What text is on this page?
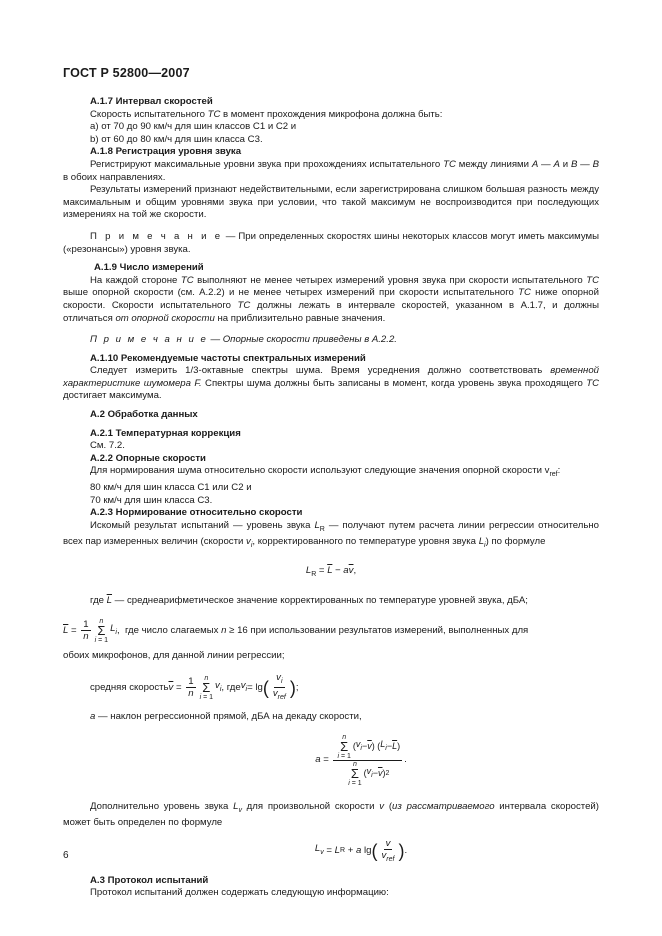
ГОСТ Р 52800—2007

А.1.7 Интервал скоростей

Скорость испытательного ТС в момент прохождения микрофона должна быть:

а) от 70 до 90 км/ч для шин классов С1 и С2 и

b) от 60 до 80 км/ч для шин класса С3.

А.1.8 Регистрация уровня звука

Регистрируют максимальные уровни звука при прохождениях испытательного ТС между линиями А — А и В — В в обоих направлениях.

Результаты измерений признают недействительными, если зарегистрирована слишком большая разность между максимальным и общим уровнями звука при условии, что такой максимум не воспроизводится при последующих измерениях на той же скорости.

П р и м е ч а н и е — При определенных скоростях шины некоторых классов могут иметь максимумы («резонансы») уровня звука.

А.1.9 Число измерений

На каждой стороне ТС выполняют не менее четырех измерений уровня звука при скорости испытательного ТС выше опорной скорости (см. А.2.2) и не менее четырех измерений при скорости испытательного ТС ниже опорной скорости. Скорости испытательного ТС должны лежать в интервале скоростей, указанном в А.1.7, и должны отличаться от опорной скорости на приблизительно равные значения.

П р и м е ч а н и е — Опорные скорости приведены в А.2.2.

А.1.10 Рекомендуемые частоты спектральных измерений

Следует измерить 1/3-октавные спектры шума. Время усреднения должно соответствовать временной характеристике шумомера F. Спектры шума должны быть записаны в момент, когда уровень звука проходящего ТС достигает максимума.

А.2 Обработка данных

А.2.1 Температурная коррекция

См. 7.2.

А.2.2 Опорные скорости

Для нормирования шума относительно скорости используют следующие значения опорной скорости $v_{ref}$:

80 км/ч для шин класса С1 или С2 и

70 км/ч для шин класса С3.

А.2.3 Нормирование относительно скорости

Искомый результат испытаний — уровень звука $L_R$ — получают путем расчета линии регрессии относительно всех пар измеренных величин (скорости $v_i$, корректированного по температуре уровня звука $L_i$) по формуле

$L_R = \overline{L} - a\overline{v}$,

где $\overline{L}$ — среднеарифметическое значение корректированных по температуре уровней звука, дБА;

$\overline{L} = \frac{1}{n}$ n
Σ
i = 1
$L_i$ , где число слагаемых n ≥ 16 при использовании результатов измерений, выполненных для

обоих микрофонов, для данной линии регрессии;

средняя скорость $\overline{v} = \frac{1}{n}$ n
Σ
i = 1
$v_i$ , где $v_i = \lg$ ( $\frac{v_i}{v_{ref}}$ ) ;

а — наклон регрессионной прямой, дБА на декаду скорости,

a = n
Σ
i = 1
( $v_i - \overline{v}$ ) ( $L_i - \overline{L}$ )
n
Σ
i = 1
( $v_i - \overline{v}$ ) 2 .

Дополнительно уровень звука $L_v$ для произвольной скорости v (из рассматриваемого интервала скоростей) может быть определен по формуле

$L_v = L$ R + a lg ( $\frac{v}{v_{ref}}$ ) .

А.3 Протокол испытаний

Протокол испытаний должен содержать следующую информацию:

6
